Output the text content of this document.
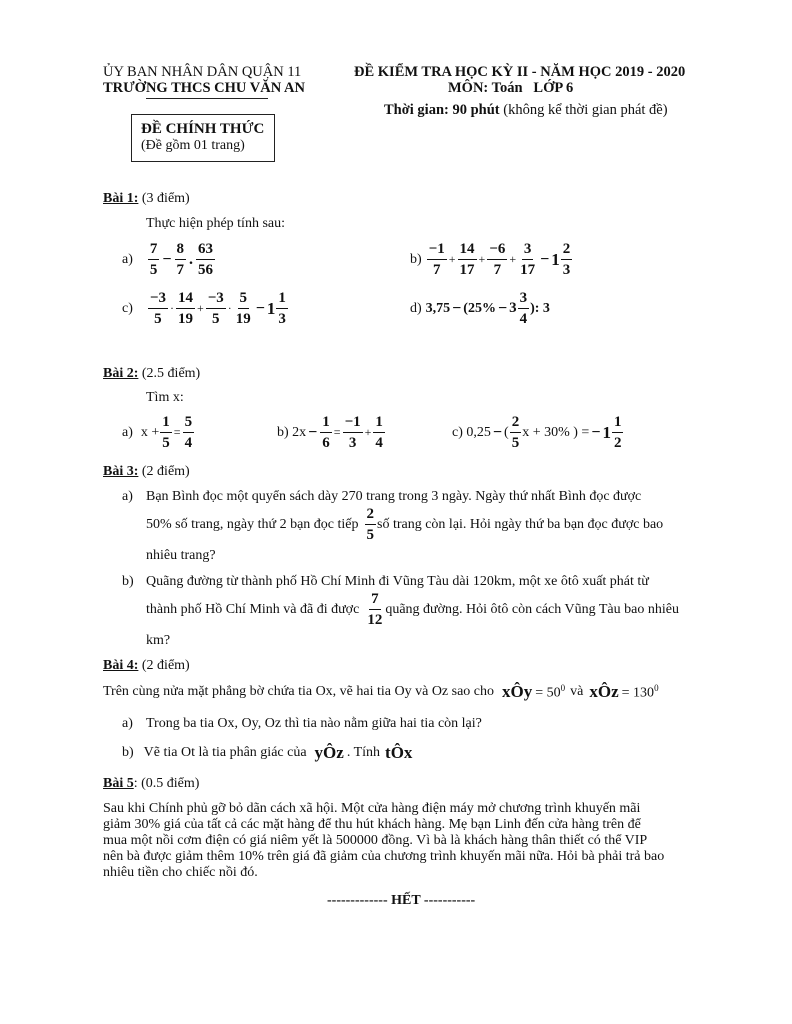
ỦY BAN NHÂN DÂN QUẬN 11
TRƯỜNG THCS CHU VĂN AN
ĐỀ KIỂM TRA HỌC KỲ II - NĂM HỌC 2019 - 2020
MÔN: Toán LỚP 6
Thời gian: 90 phút (không kể thời gian phát đề)
ĐỀ CHÍNH THỨC
(Đề gồm 01 trang)
Bài 1: (3 điểm)
Thực hiện phép tính sau:
$a) \frac{7}{5} - \frac{8}{7}$ . $\frac{63}{56}$	$b) \frac{-1}{7} + \frac{14}{17} + \frac{-6}{7} + \frac{3}{17} - 1 \frac{2}{3}$
$c) \frac{-3}{5} \cdot \frac{14}{19} + \frac{-3}{5} \cdot \frac{5}{19} - 1 \frac{1}{3}$	d) $3,75 - (25\% - 3 \frac{3}{4}$ ): 3
Bài 2: (2.5 điểm)
Tìm x:
a) $x + \frac{1}{5} = \frac{5}{4}$	b) $2x - \frac{1}{6} = \frac{-1}{3} + \frac{1}{4}$	c) 0,25 − ( $\frac{2}{5}$ x + 30% ) = − $1 \frac{1}{2}$
Bài 3: (2 điểm)
a) Bạn Bình đọc một quyển sách dày 270 trang trong 3 ngày. Ngày thứ nhất Bình đọc được
50% số trang, ngày thứ 2 bạn đọc tiếp $\frac{2}{5}$ số trang còn lại. Hỏi ngày thứ ba bạn đọc được bao
nhiêu trang?
b) Quãng đường từ thành phố Hồ Chí Minh đi Vũng Tàu dài 120km, một xe ôtô xuất phát từ
thành phố Hồ Chí Minh và đã đi được $\frac{7}{12}$ quãng đường. Hỏi ôtô còn cách Vũng Tàu bao nhiêu
km?
Bài 4: (2 điểm)
Trên cùng nửa mặt phẳng bờ chứa tia Ox, vẽ hai tia Oy và Oz sao cho xÔy = $50^0$ và xÔz = $130^0$
a) Trong ba tia Ox, Oy, Oz thì tia nào nằm giữa hai tia còn lại?
b) Vẽ tia Ot là tia phân giác của yÔz . Tính tÔx
Bài 5: (0.5 điểm)
Sau khi Chính phủ gỡ bỏ dãn cách xã hội. Một cửa hàng điện máy mở chương trình khuyến mãi
giảm 30% giá của tất cả các mặt hàng để thu hút khách hàng. Mẹ bạn Linh đến cửa hàng trên để
mua một nồi cơm điện có giá niêm yết là 500000 đồng. Vì bà là khách hàng thân thiết có thể VIP
nên bà được giảm thêm 10% trên giá đã giảm của chương trình khuyến mãi nữa. Hỏi bà phải trả bao
nhiêu tiền cho chiếc nồi đó.
------------- HẾT -----------
